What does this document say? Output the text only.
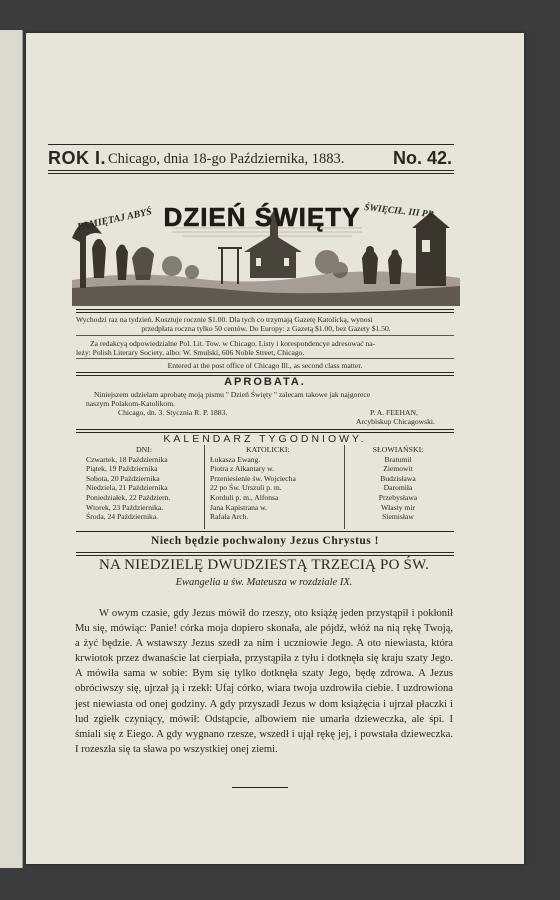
ROK I. Chicago, dnia 18-go Października, 1883.	No. 42.
PAMIĘTAJ ABYŚ DZIEŃ ŚWIĘTY ŚWIĘCIŁ. III PR.
Wychodzi raz na tydzień. Kosztuje rocznie $1.00. Dla tych co trzymają Gazetę Katolicką, wynosi
przedpłata roczna tylko 50 centów. Do Europy: z Gazetą $1.00, bez Gazety $1.50.
Za redakcyą odpowiedzialne Pol. Lit. Tow. w Chicago. Listy i korespondencye adresować na-
leży: Polish Literary Society, albo: W. Smulski, 606 Noble Street, Chicago.
Entered at the post office of Chicago Ill., as second class matter.
APROBATA.
Niniejszem udzielam aprobatę moją pismu " Dzień Święty " zalecam takowe jak najgorece
naszym Polakom-Katolikom.
Chicago, dn. 3. Stycznia R. P. 1883.	P. A. FEEHAN,
Arcybiskup Chicagowski.
KALENDARZ TYGODNIOWY.
DNI:
Czwartek, 18 Października
Piątek, 19 Października
Sobota, 20 Października
Niedziela, 21 Października
Poniedziałek, 22 Październ.
Wtorek, 23 Października.
Środa, 24 Października.
KATOLICKI:
Łukasza Ewang.
Piotra z Alkantary w.
Przeniesienie św. Wojciecha
22 po Św. Urszuli p. m.
Korduli p. m., Alfonsa
Jana Kapistrana w.
Rafała Arch.
SŁOWIAŃSKI:
Bratumil
Ziemowit
Budzisława
Daromiła
Przebysława
Własty mir
Siemisław
Niech będzie pochwalony Jezus Chrystus !
NA NIEDZIELĘ DWUDZIESTĄ TRZECIĄ PO ŚW.
Ewangelia u św. Mateusza w rozdziale IX.

W owym czasie, gdy Jezus mówił do rzeszy, oto książę jeden przystąpił i pokłonił Mu się, mówiąc: Panie! córka moja dopiero skonała, ale pójdź, włóż na nią rękę Twoją, a żyć będzie. A wstawszy Jezus szedł za nim i uczniowie Jego. A oto niewiasta, która krwiotok przez dwanaście lat cierpiała, przystąpiła z tyłu i dotknęła się kraju szaty Jego. A mówiła sama w sobie: Bym się tylko dotknęła szaty Jego, będę zdrowa. A Jezus obróciwszy się, ujrzał ją i rzekł: Ufaj córko, wiara twoja uzdrowiła ciebie. I uzdrowiona jest niewiasta od onej godziny. A gdy przyszadł Jezus w dom książęcia i ujrzał płaczki i lud zgiełk czyniący, mówił: Odstąpcie, albowiem nie umarła dzieweczka, ale śpi. I śmiali się z Eiego. A gdy wygnano rzesze, wszedł i ujął rękę jej, i powstała dzieweczka. I rozeszła się ta sława po wszystkiej onej ziemi.
